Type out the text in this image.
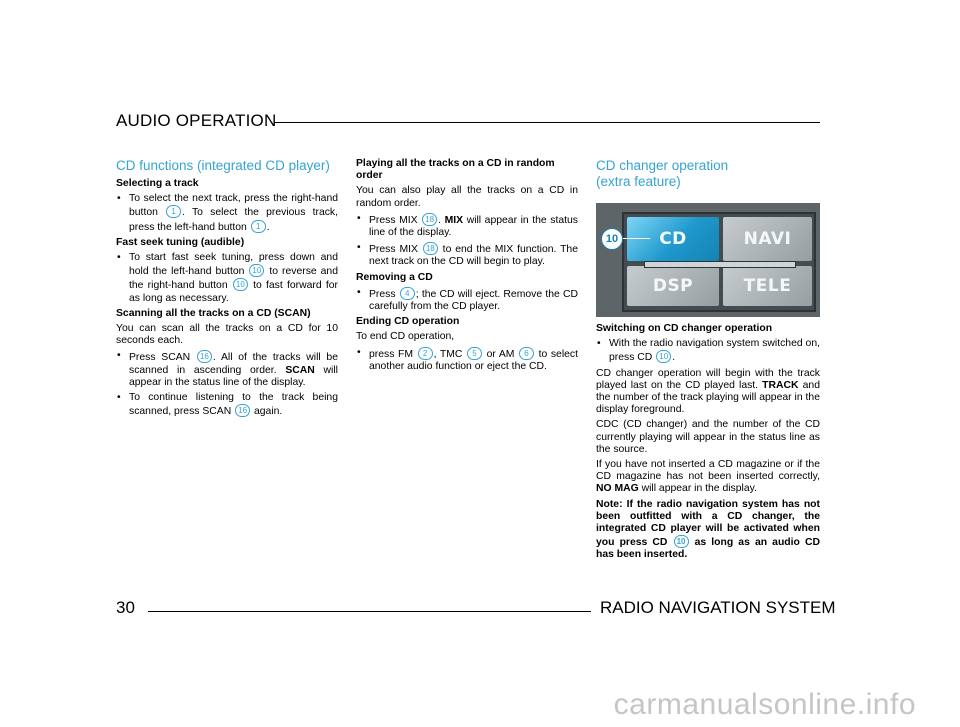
AUDIO OPERATION
CD functions (integrated CD player)

Selecting a track

• To select the next track, press the right-hand button 1 . To select the previous track, press the left-hand button 1 .

Fast seek tuning (audible)

• To start fast seek tuning, press down and hold the left-hand button 10 to reverse and the right-hand button 10 to fast forward for as long as necessary.

Scanning all the tracks on a CD (SCAN)

You can scan all the tracks on a CD for 10 seconds each.

• Press SCAN 16 . All of the tracks will be scanned in ascending order. SCAN will appear in the status line of the display.
• To continue listening to the track being scanned, press SCAN 16 again.

Playing all the tracks on a CD in random order

You can also play all the tracks on a CD in random order.

• Press MIX 18 . MIX will appear in the status line of the display.
• Press MIX 18 to end the MIX function. The next track on the CD will begin to play.

Removing a CD

• Press 4 ; the CD will eject. Remove the CD carefully from the CD player.

Ending CD operation

To end CD operation,

• press FM 2 , TMC 5 or AM 6 to select another audio function or eject the CD.
CD changer operation
(extra feature)
CD	NAVI
DSP	TELE
10

Switching on CD changer operation

• With the radio navigation system switched on, press CD 10 .

CD changer operation will begin with the track played last on the CD played last. TRACK and the number of the track playing will appear in the display foreground.

CDC (CD changer) and the number of the CD currently playing will appear in the status line as the source.

If you have not inserted a CD magazine or if the CD magazine has not been inserted correctly, NO MAG will appear in the display.

Note: If the radio navigation system has not been outfitted with a CD changer, the integrated CD player will be activated when you press CD 10 as long as an audio CD has been inserted.

30	RADIO NAVIGATION SYSTEM
carmanualsonline.info
